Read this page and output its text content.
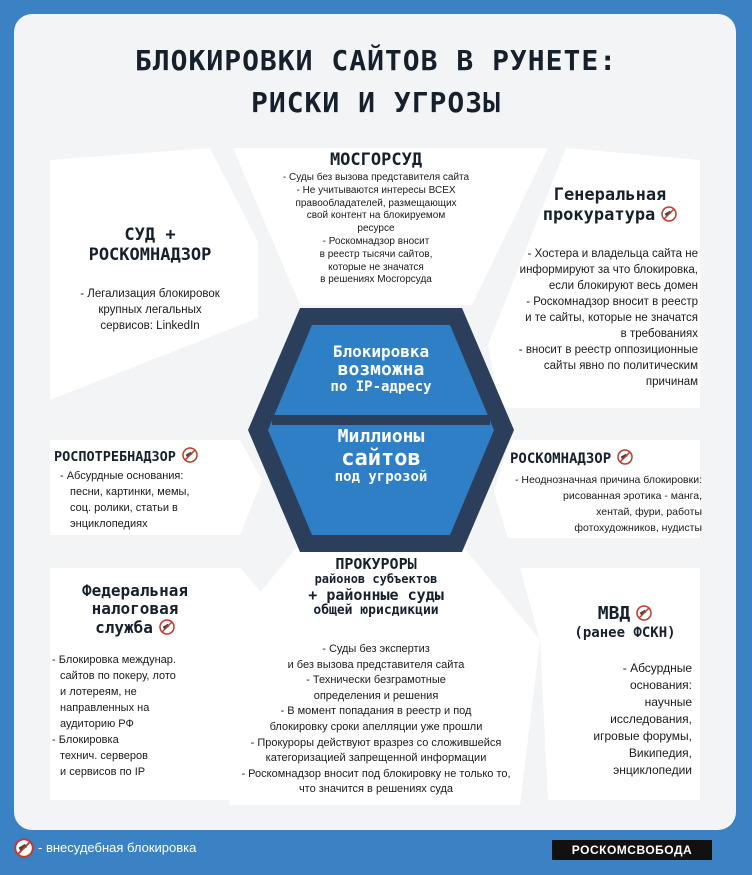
БЛОКИРОВКИ САЙТОВ В РУНЕТЕ:
РИСКИ И УГРОЗЫ
Блокировка
возможна
по IP-адресу
Миллионы
сайтов
под угрозой
МОСГОРСУД
- Суды без вызова представителя сайта
- Не учитываются интересы ВСЕХ
правообладателей, размещающих
свой контент на блокируемом
ресурсе
- Роскомнадзор вносит
в реестр тысячи сайтов,
которые не значатся
в решениях Мосгорсуда
СУД +
РОСКОМНАДЗОР
- Легализация блокировок
крупных легальных
сервисов: LinkedIn
Генеральная
прокуратура
- Хостера и владельца сайта не
информируют за что блокировка,
если блокируют весь домен
- Роскомнадзор вносит в реестр
и те сайты, которые не значатся
в требованиях
- вносит в реестр оппозиционные
сайты явно по политическим
причинам
РОСПОТРЕБНАДЗОР
- Абсурдные основания:
песни, картинки, мемы,
соц. ролики, статьи в
энциклопедиях
РОСКОМНАДЗОР
- Неоднозначная причина блокировки:
рисованная эротика - манга,
хентай, фури, работы
фотохудожников, нудисты
Федеральная
налоговая
служба
- Блокировка междунар.
сайтов по покеру, лото
и лотереям, не
направленных на
аудиторию РФ
- Блокировка
технич. серверов
и сервисов по IP
ПРОКУРОРЫ
районов субъектов
+ районные суды
общей юрисдикции
- Суды без экспертиз
и без вызова представителя сайта
- Технически безграмотные
определения и решения
- В момент попадания в реестр и под
блокировку сроки апелляции уже прошли
- Прокуроры действуют вразрез со сложившейся
категоризацией запрещенной информации
- Роскомнадзор вносит под блокировку не только то,
что значится в решениях суда
МВД
(ранее ФСКН)
- Абсурдные
основания:
научные
исследования,
игровые форумы,
Википедия,
энциклопедии
- внесудебная блокировка	РОСКОМСВОБОДА
